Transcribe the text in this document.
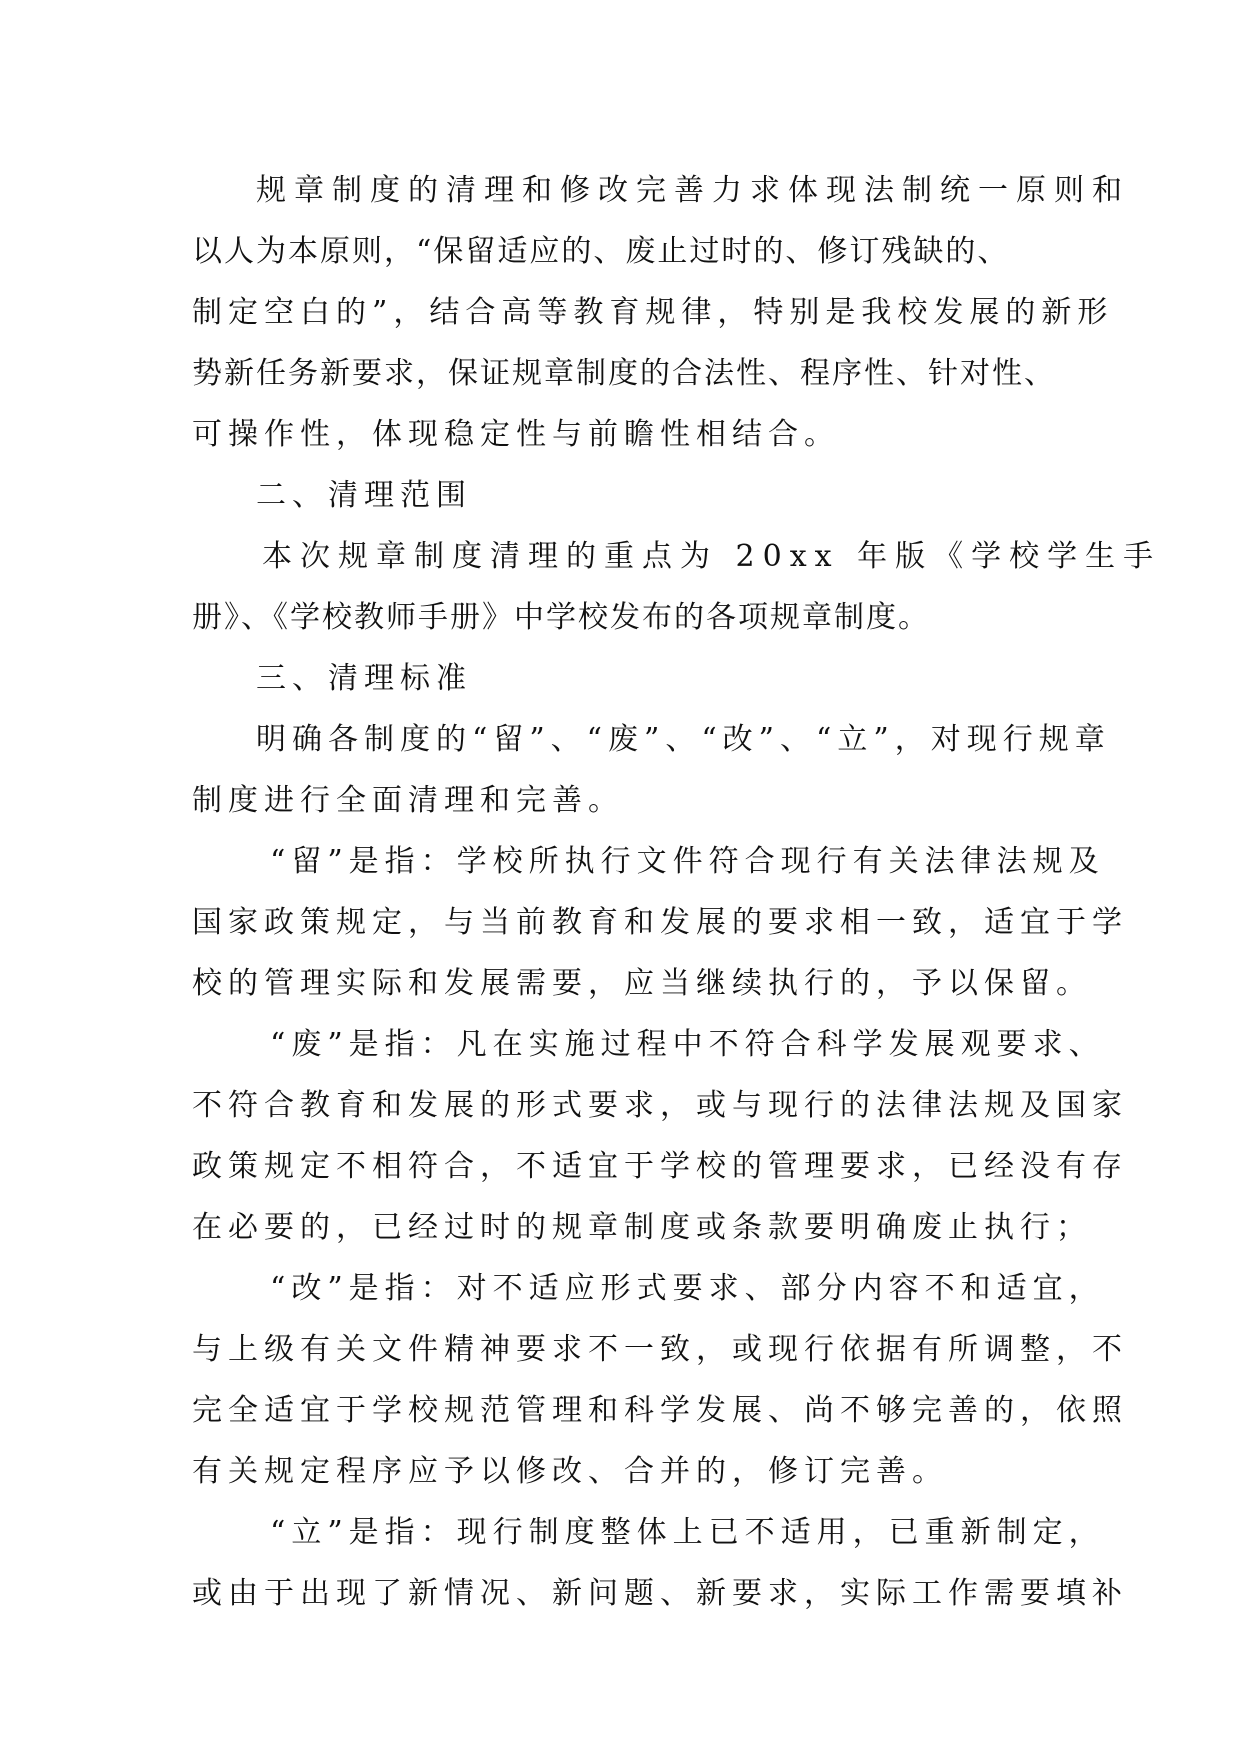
规章制度的清理和修改完善力求体现法制统一原则和
以人为本原则，“保留适应的、废止过时的、修订残缺的、
制定空白的”，结合高等教育规律，特别是我校发展的新形
势新任务新要求，保证规章制度的合法性、程序性、针对性、
可操作性，体现稳定性与前瞻性相结合。
二、清理范围
本次规章制度清理的重点为 20xx 年版《学校学生手
册》、《学校教师手册》中学校发布的各项规章制度。
三、清理标准
明确各制度的“留”、“废”、“改”、“立”，对现行规章
制度进行全面清理和完善。
“留”是指：学校所执行文件符合现行有关法律法规及
国家政策规定，与当前教育和发展的要求相一致，适宜于学
校的管理实际和发展需要，应当继续执行的，予以保留。
“废”是指：凡在实施过程中不符合科学发展观要求、
不符合教育和发展的形式要求，或与现行的法律法规及国家
政策规定不相符合，不适宜于学校的管理要求，已经没有存
在必要的，已经过时的规章制度或条款要明确废止执行；
“改”是指：对不适应形式要求、部分内容不和适宜，
与上级有关文件精神要求不一致，或现行依据有所调整，不
完全适宜于学校规范管理和科学发展、尚不够完善的，依照
有关规定程序应予以修改、合并的，修订完善。
“立”是指：现行制度整体上已不适用，已重新制定，
或由于出现了新情况、新问题、新要求，实际工作需要填补
